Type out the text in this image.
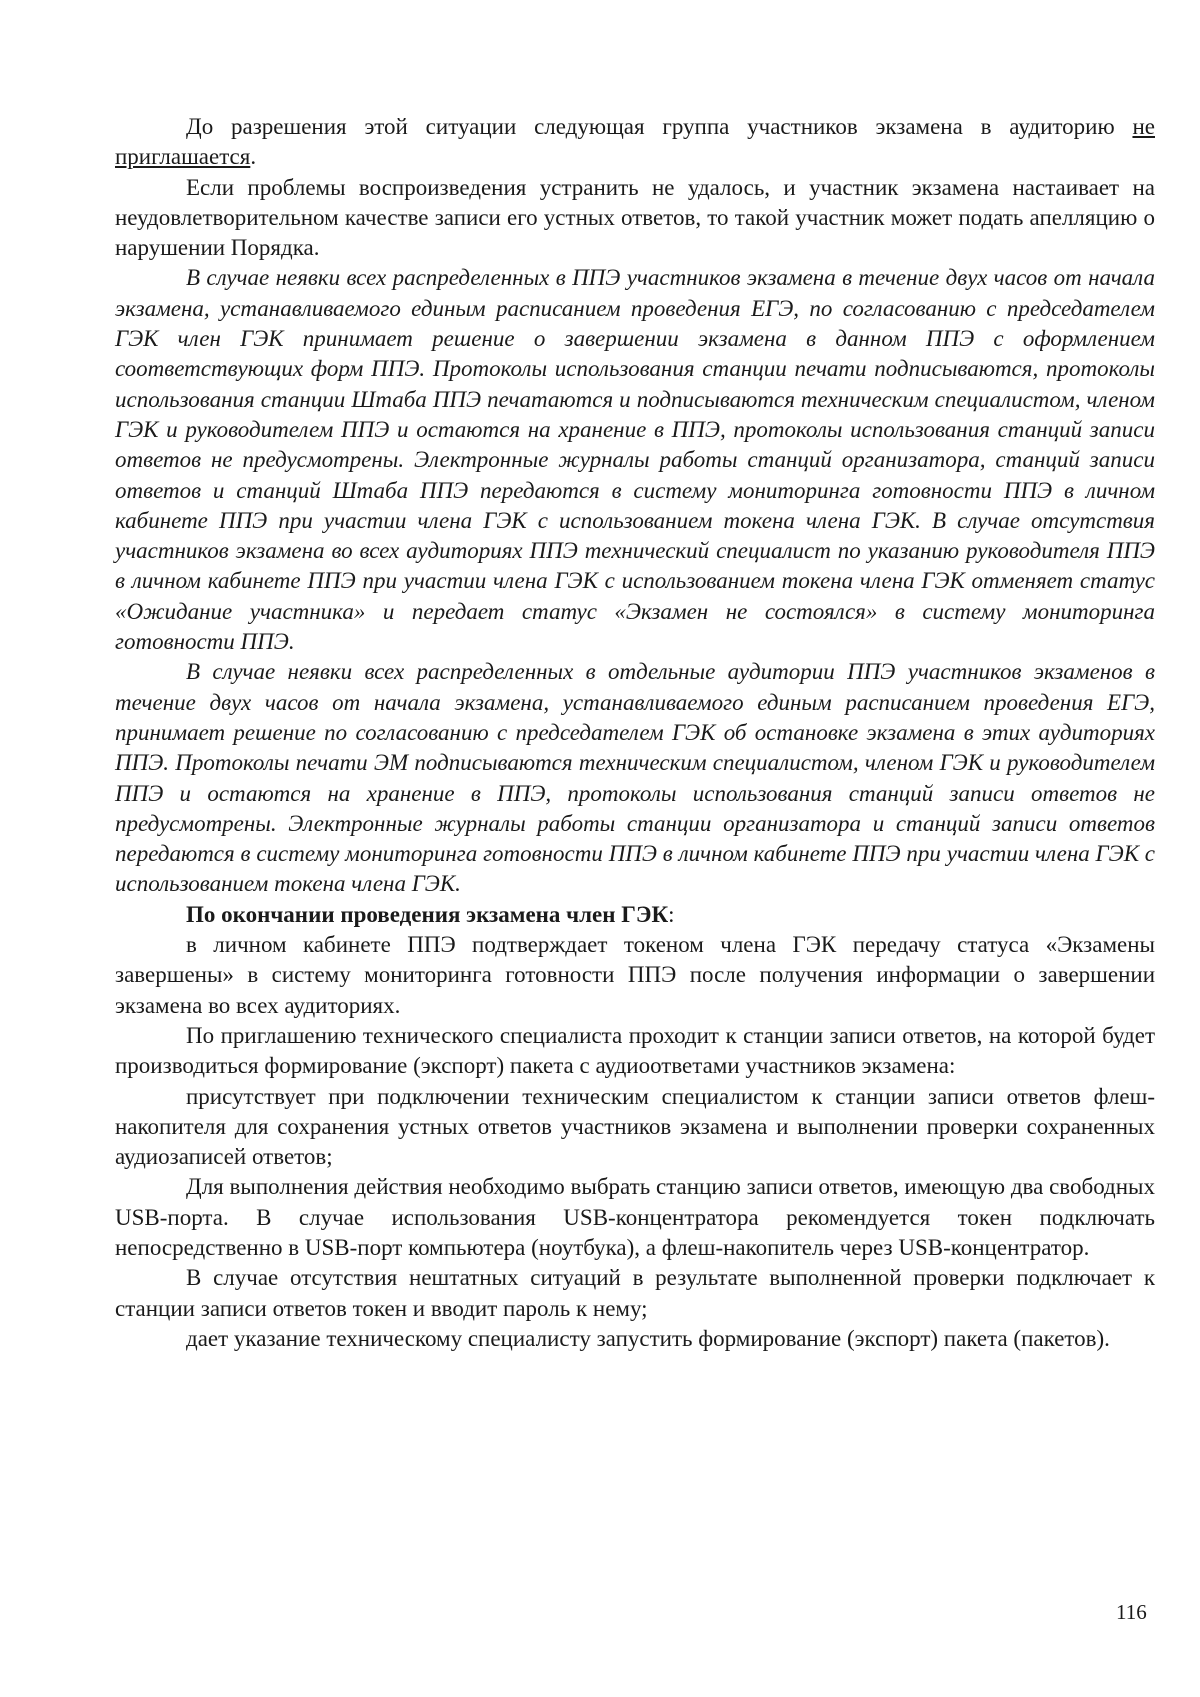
До разрешения этой ситуации следующая группа участников экзамена в аудиторию не приглашается.

Если проблемы воспроизведения устранить не удалось, и участник экзамена настаивает на неудовлетворительном качестве записи его устных ответов, то такой участник может подать апелляцию о нарушении Порядка.

В случае неявки всех распределенных в ППЭ участников экзамена в течение двух часов от начала экзамена, устанавливаемого единым расписанием проведения ЕГЭ, по согласованию с председателем ГЭК член ГЭК принимает решение о завершении экзамена в данном ППЭ с оформлением соответствующих форм ППЭ. Протоколы использования станции печати подписываются, протоколы использования станции Штаба ППЭ печатаются и подписываются техническим специалистом, членом ГЭК и руководителем ППЭ и остаются на хранение в ППЭ, протоколы использования станций записи ответов не предусмотрены. Электронные журналы работы станций организатора, станций записи ответов и станций Штаба ППЭ передаются в систему мониторинга готовности ППЭ в личном кабинете ППЭ при участии члена ГЭК с использованием токена члена ГЭК. В случае отсутствия участников экзамена во всех аудиториях ППЭ технический специалист по указанию руководителя ППЭ в личном кабинете ППЭ при участии члена ГЭК с использованием токена члена ГЭК отменяет статус «Ожидание участника» и передает статус «Экзамен не состоялся» в систему мониторинга готовности ППЭ.

В случае неявки всех распределенных в отдельные аудитории ППЭ участников экзаменов в течение двух часов от начала экзамена, устанавливаемого единым расписанием проведения ЕГЭ, принимает решение по согласованию с председателем ГЭК об остановке экзамена в этих аудиториях ППЭ. Протоколы печати ЭМ подписываются техническим специалистом, членом ГЭК и руководителем ППЭ и остаются на хранение в ППЭ, протоколы использования станций записи ответов не предусмотрены. Электронные журналы работы станции организатора и станций записи ответов передаются в систему мониторинга готовности ППЭ в личном кабинете ППЭ при участии члена ГЭК с использованием токена члена ГЭК.

По окончании проведения экзамена член ГЭК:

в личном кабинете ППЭ подтверждает токеном члена ГЭК передачу статуса «Экзамены завершены» в систему мониторинга готовности ППЭ после получения информации о завершении экзамена во всех аудиториях.

По приглашению технического специалиста проходит к станции записи ответов, на которой будет производиться формирование (экспорт) пакета с аудиоответами участников экзамена:

присутствует при подключении техническим специалистом к станции записи ответов флеш-накопителя для сохранения устных ответов участников экзамена и выполнении проверки сохраненных аудиозаписей ответов;

Для выполнения действия необходимо выбрать станцию записи ответов, имеющую два свободных USB-порта. В случае использования USB-концентратора рекомендуется токен подключать непосредственно в USB-порт компьютера (ноутбука), а флеш-накопитель через USB-концентратор.

В случае отсутствия нештатных ситуаций в результате выполненной проверки подключает к станции записи ответов токен и вводит пароль к нему;

дает указание техническому специалисту запустить формирование (экспорт) пакета (пакетов).

116
